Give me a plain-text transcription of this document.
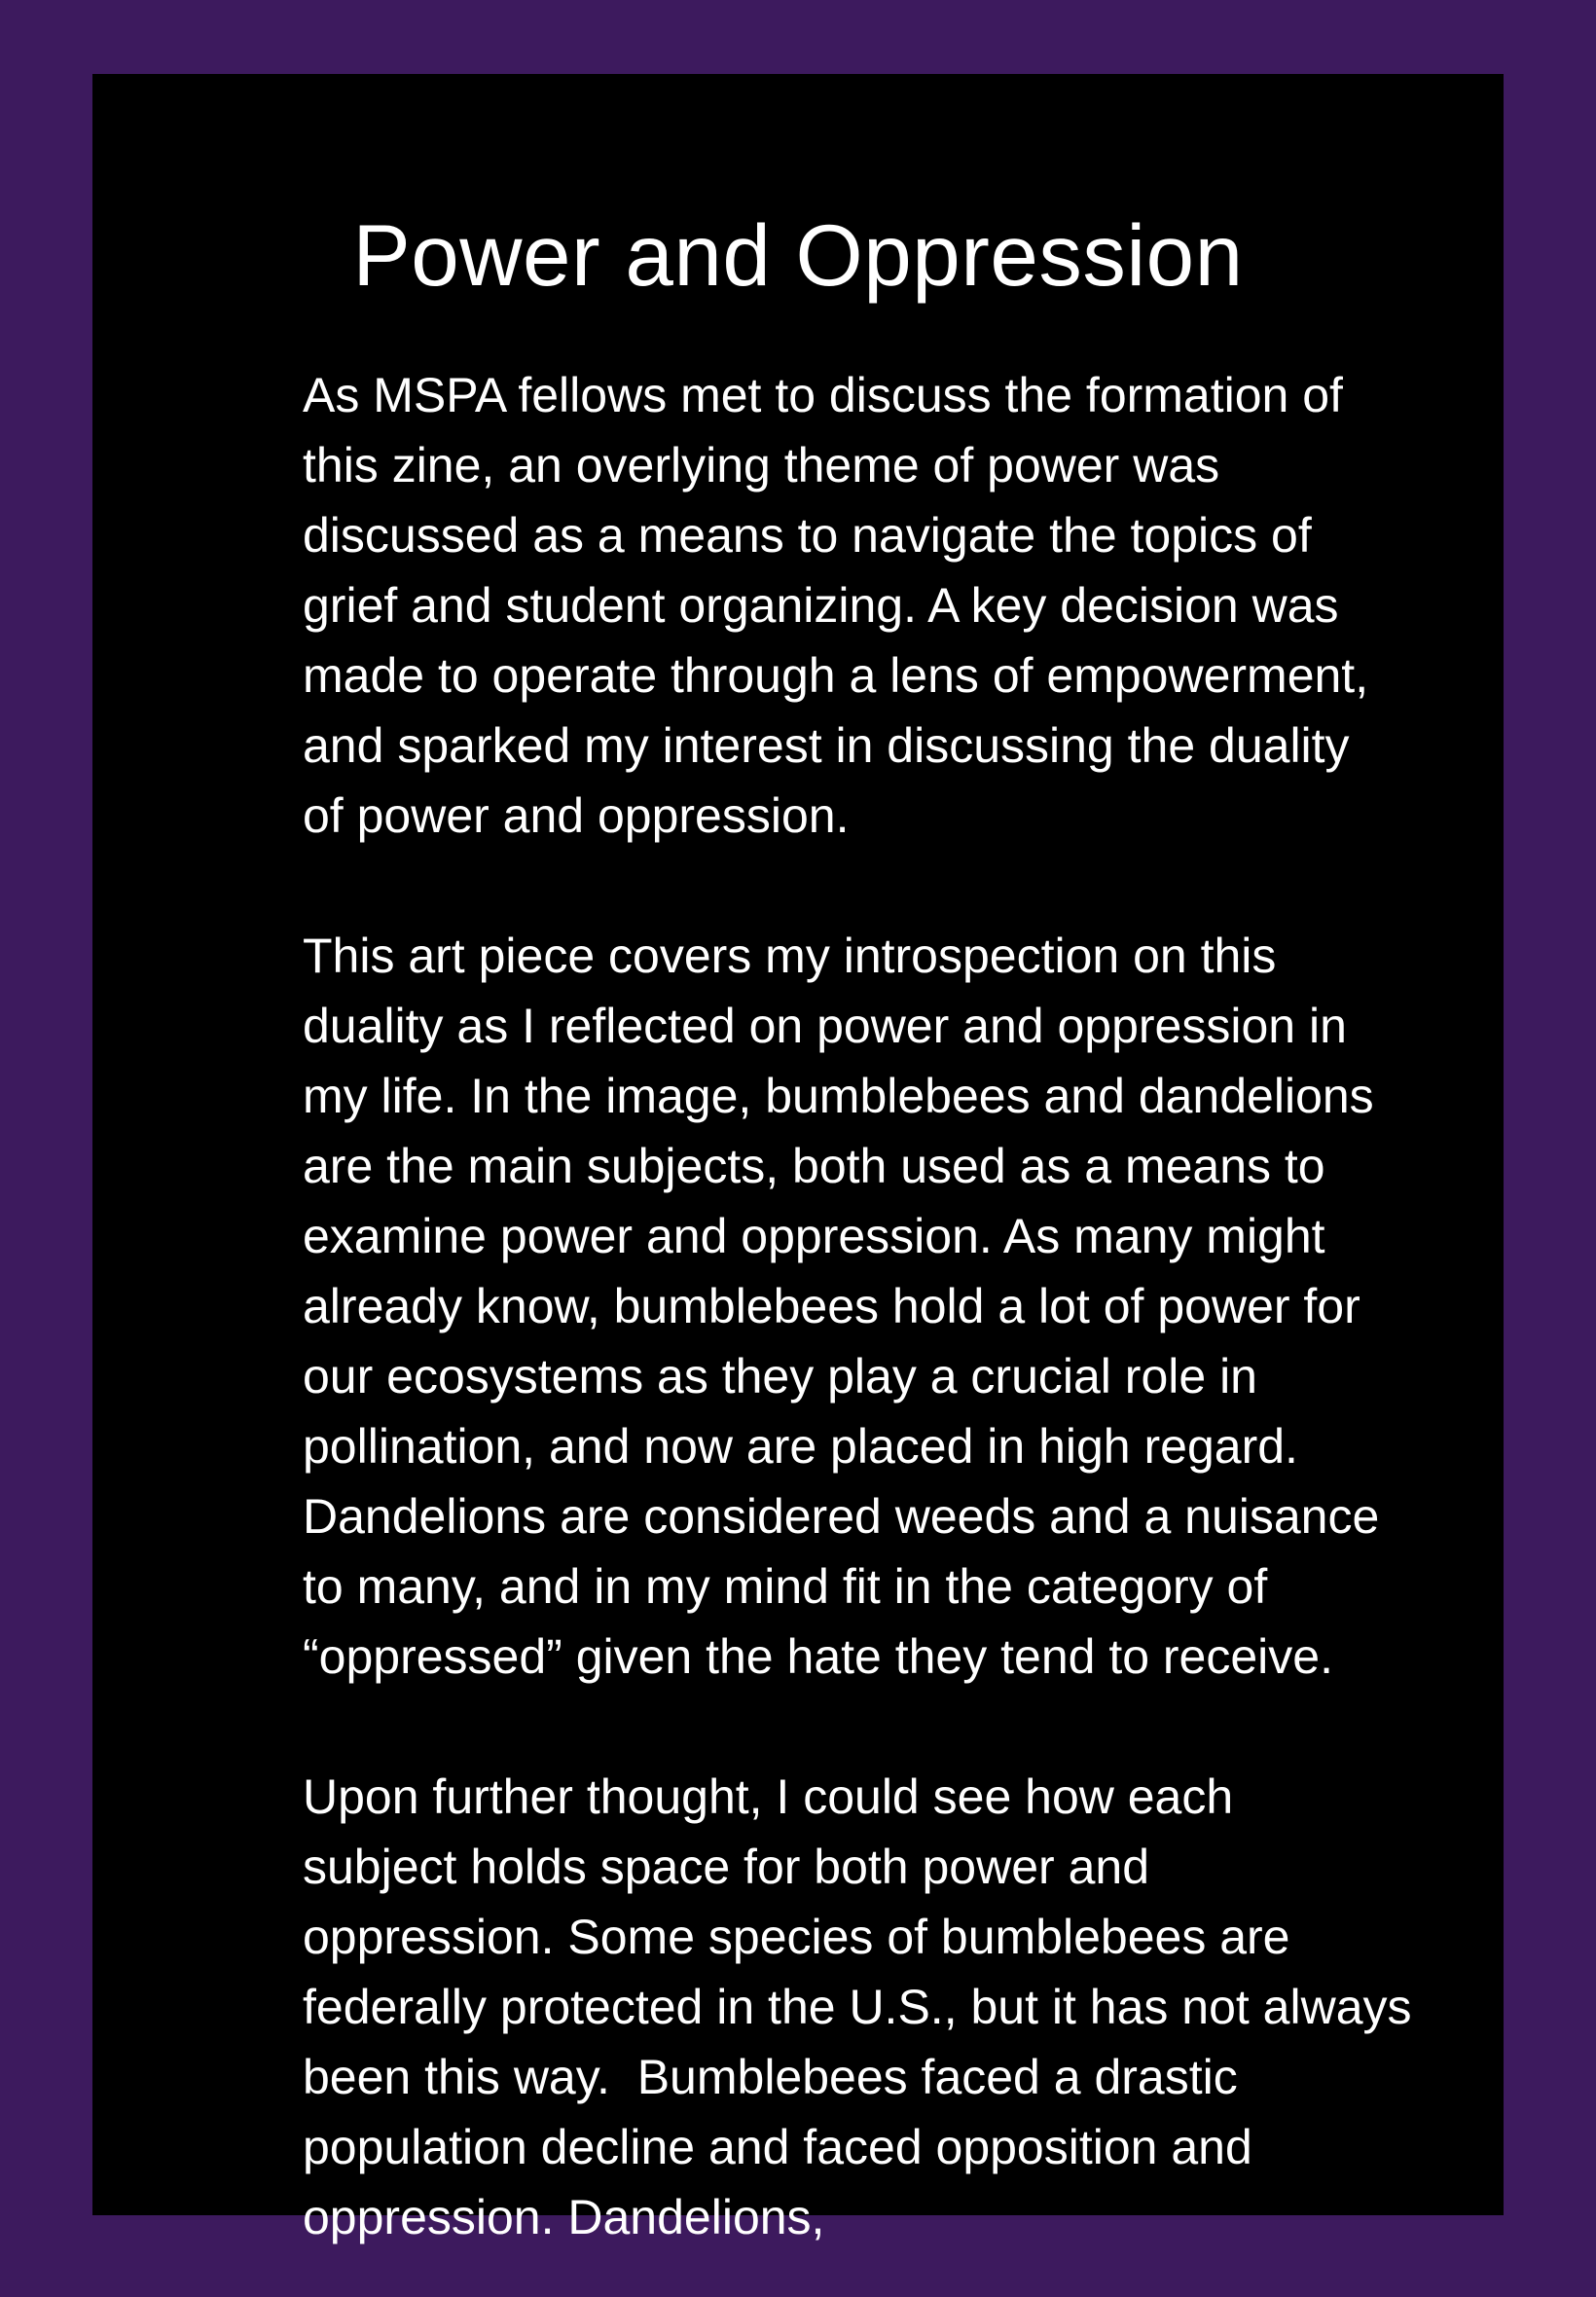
Power and Oppression

As MSPA fellows met to discuss the formation of
this zine, an overlying theme of power was
discussed as a means to navigate the topics of
grief and student organizing. A key decision was
made to operate through a lens of empowerment,
and sparked my interest in discussing the duality
of power and oppression.

This art piece covers my introspection on this
duality as I reflected on power and oppression in
my life. In the image, bumblebees and dandelions
are the main subjects, both used as a means to
examine power and oppression. As many might
already know, bumblebees hold a lot of power for
our ecosystems as they play a crucial role in
pollination, and now are placed in high regard.
Dandelions are considered weeds and a nuisance
to many, and in my mind fit in the category of
“oppressed” given the hate they tend to receive.

Upon further thought, I could see how each
subject holds space for both power and
oppression. Some species of bumblebees are
federally protected in the U.S., but it has not always
been this way.  Bumblebees faced a drastic
population decline and faced opposition and
oppression. Dandelions,
